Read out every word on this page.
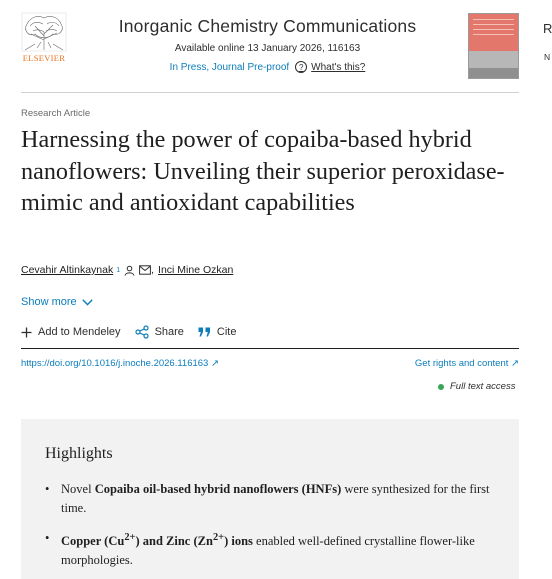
ELSEVIER
Inorganic Chemistry Communications
Available online 13 January 2026, 116163
In Press, Journal Pre-proof	? What's this?
R
N
Research Article
Harnessing the power of copaiba-based hybrid nanoflowers: Unveiling their superior peroxidase-mimic and antioxidant capabilities
Cevahir Altinkaynak 1	, Inci Mine Ozkan
Show more
Add to Mendeley	Share	Cite
https://doi.org/10.1016/j.inoche.2026.116163 ↗	Get rights and content ↗
Full text access
Highlights
• Novel Copaiba oil-based hybrid nanoflowers (HNFs) were synthesized for the first time.
• Copper $(Cu^{2+})$ and Zinc $(Zn^{2+})$ ions enabled well-defined crystalline flower-like morphologies.
